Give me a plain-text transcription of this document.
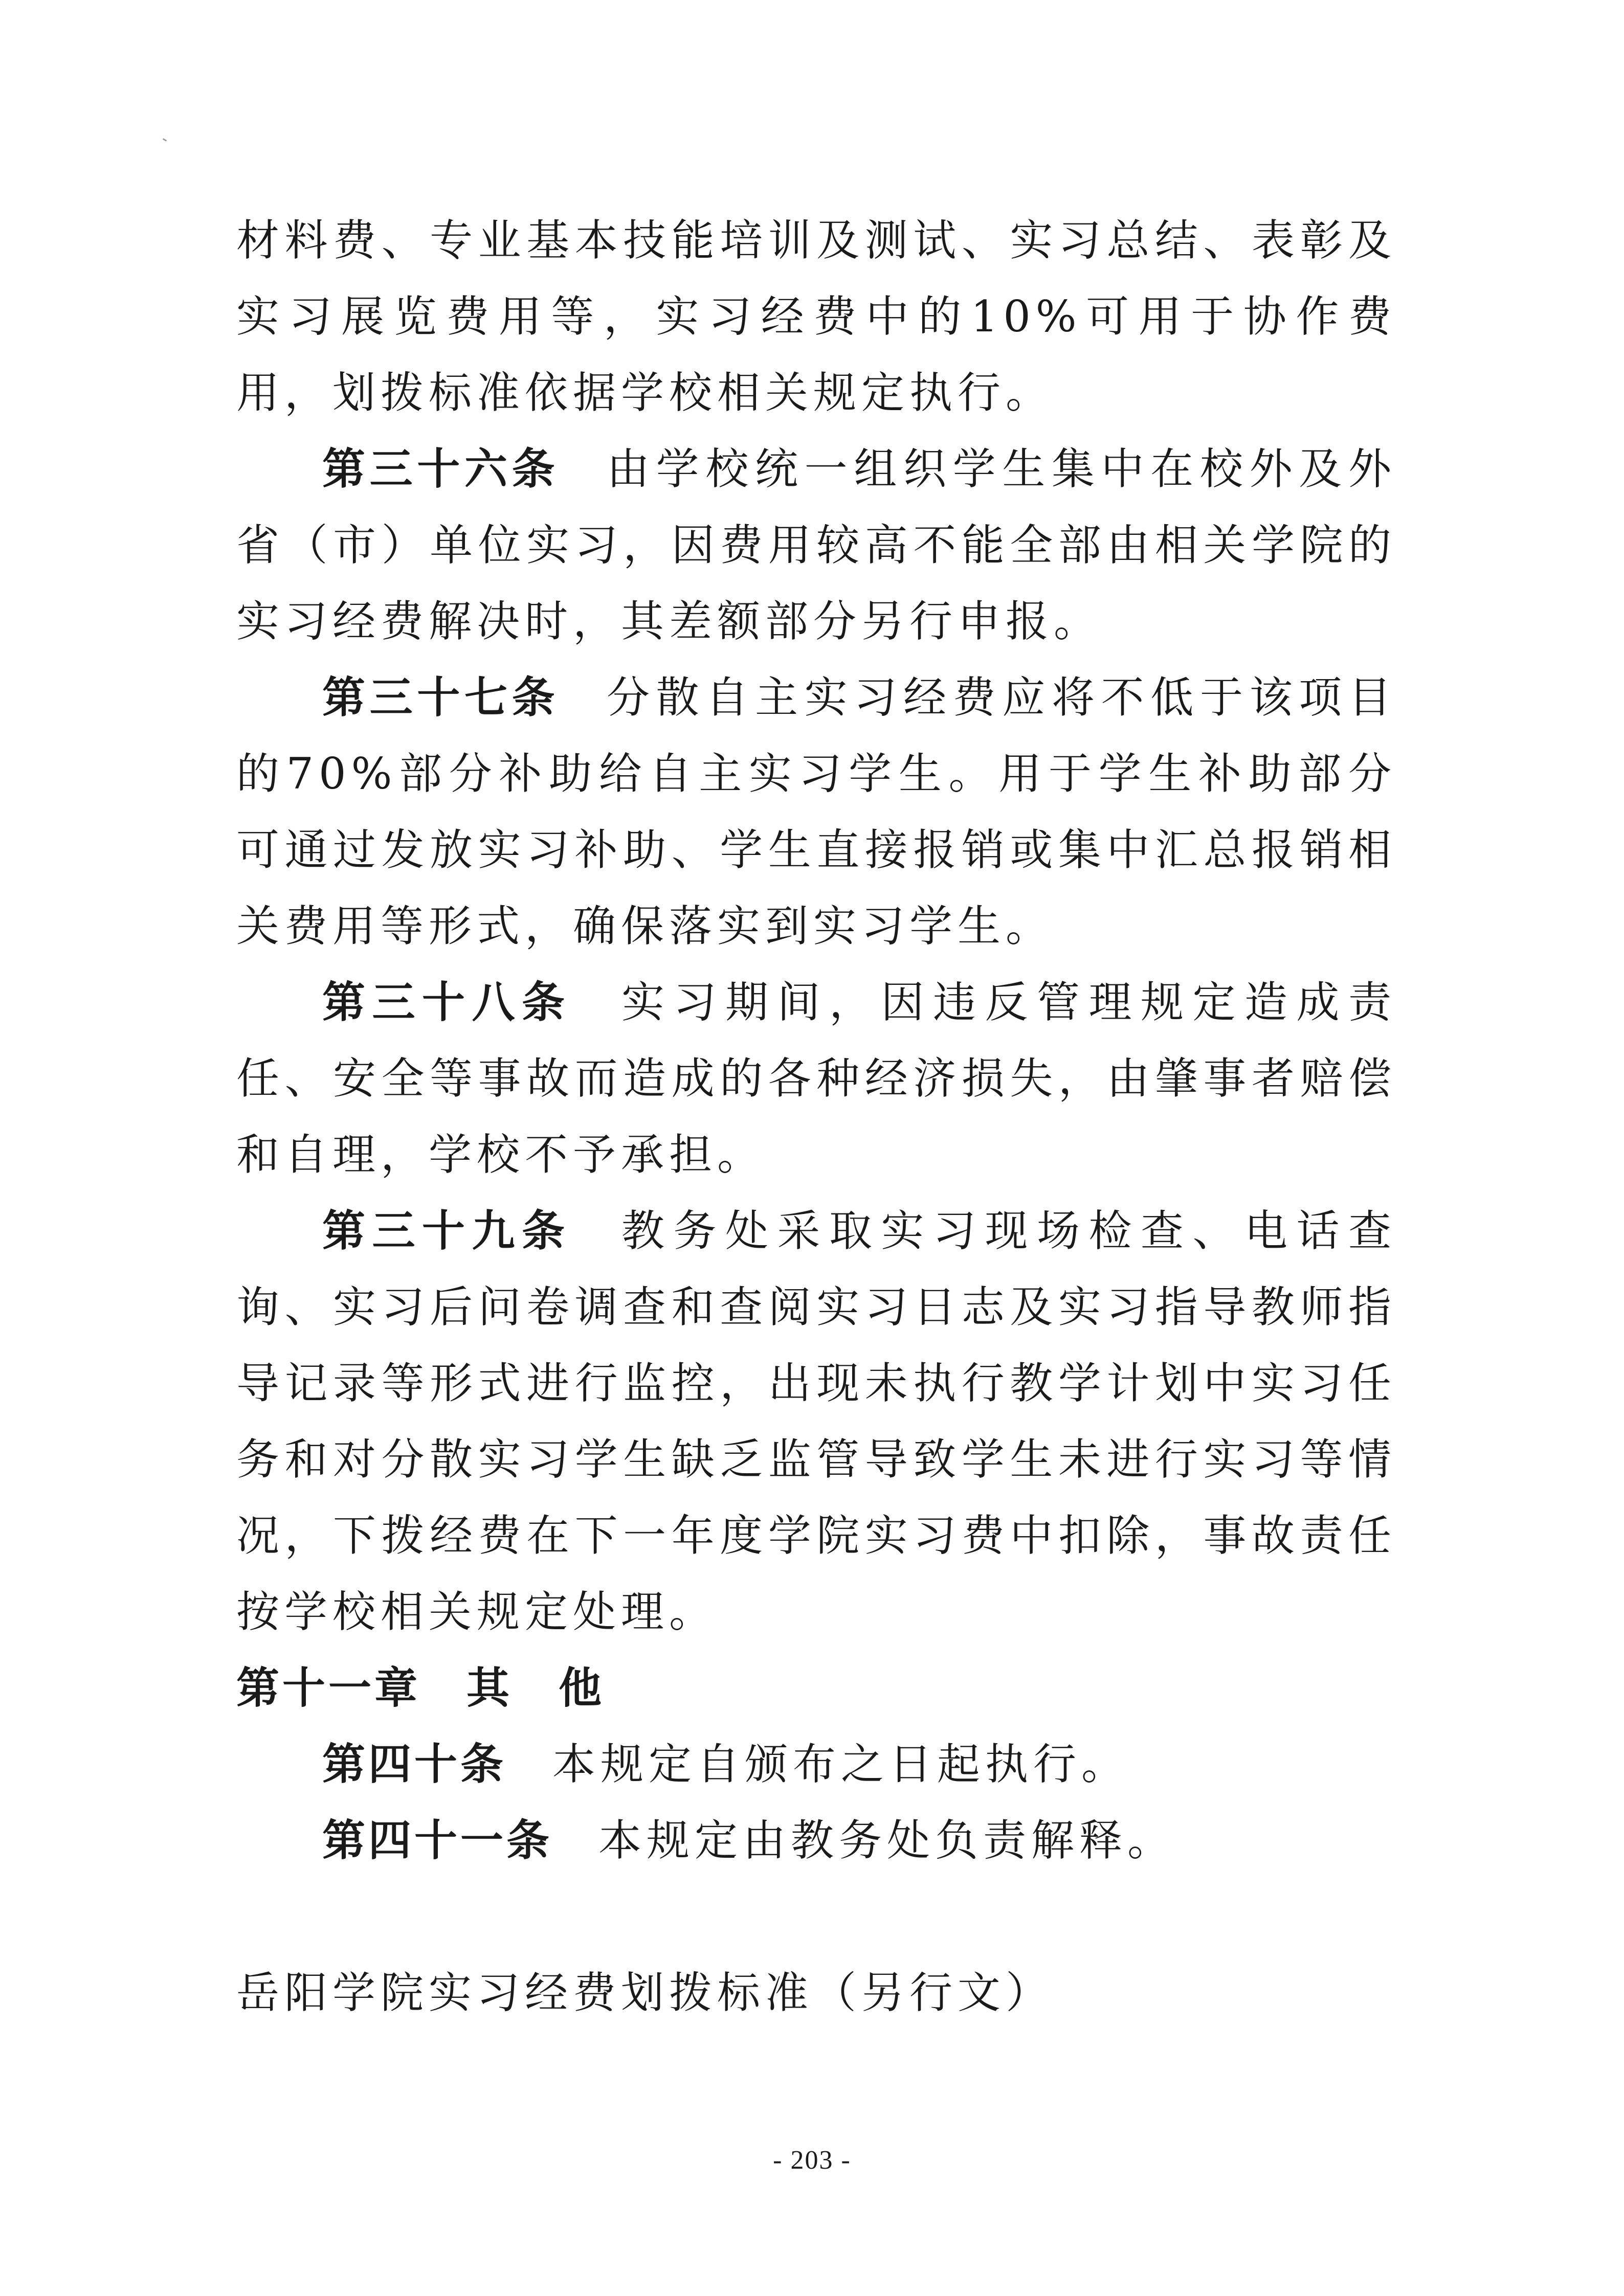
材料费、专业基本技能培训及测试、实习总结、表彰及实习展览费用等，实习经费中的10%可用于协作费用，划拨标准依据学校相关规定执行。

第三十六条 由学校统一组织学生集中在校外及外省（市）单位实习，因费用较高不能全部由相关学院的实习经费解决时，其差额部分另行申报。

第三十七条 分散自主实习经费应将不低于该项目的70%部分补助给自主实习学生。用于学生补助部分可通过发放实习补助、学生直接报销或集中汇总报销相关费用等形式，确保落实到实习学生。

第三十八条 实习期间，因违反管理规定造成责任、安全等事故而造成的各种经济损失，由肇事者赔偿和自理，学校不予承担。

第三十九条 教务处采取实习现场检查、电话查询、实习后问卷调查和查阅实习日志及实习指导教师指导记录等形式进行监控，出现未执行教学计划中实习任务和对分散实习学生缺乏监管导致学生未进行实习等情况，下拨经费在下一年度学院实习费中扣除，事故责任按学校相关规定处理。

第十一章 其　他

第四十条 本规定自颁布之日起执行。

第四十一条 本规定由教务处负责解释。

岳阳学院实习经费划拨标准（另行文）

- 203 -
